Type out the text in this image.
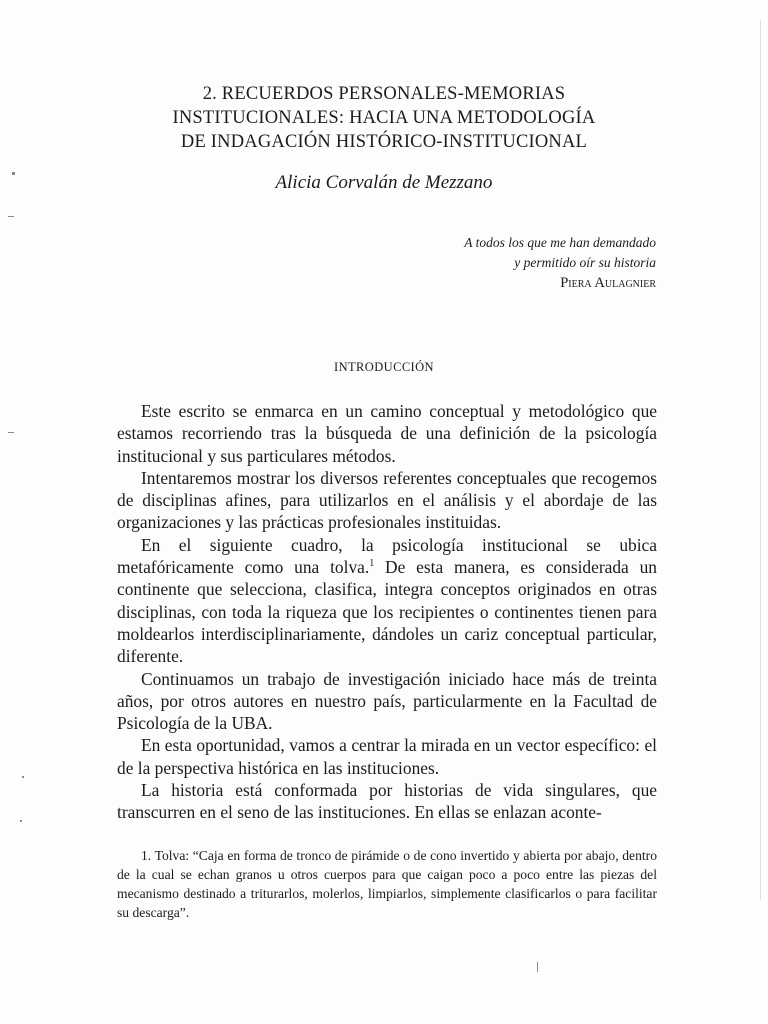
2. RECUERDOS PERSONALES-MEMORIAS
INSTITUCIONALES: HACIA UNA METODOLOGÍA
DE INDAGACIÓN HISTÓRICO-INSTITUCIONAL
Alicia Corvalán de Mezzano
A todos los que me han demandado
y permitido oír su historia
Piera Aulagnier
INTRODUCCIÓN

Este escrito se enmarca en un camino conceptual y metodológico que estamos recorriendo tras la búsqueda de una definición de la psicología institucional y sus particulares métodos.

Intentaremos mostrar los diversos referentes conceptuales que recogemos de disciplinas afines, para utilizarlos en el análisis y el abordaje de las organizaciones y las prácticas profesionales instituidas.

En el siguiente cuadro, la psicología institucional se ubica metafóricamente como una tolva.$^1$ De esta manera, es considerada un continente que selecciona, clasifica, integra conceptos originados en otras disciplinas, con toda la riqueza que los recipientes o continentes tienen para moldearlos interdisciplinariamente, dándoles un cariz conceptual particular, diferente.

Continuamos un trabajo de investigación iniciado hace más de treinta años, por otros autores en nuestro país, particularmente en la Facultad de Psicología de la UBA.

En esta oportunidad, vamos a centrar la mirada en un vector específico: el de la perspectiva histórica en las instituciones.

La historia está conformada por historias de vida singulares, que transcurren en el seno de las instituciones. En ellas se enlazan aconte-

1. Tolva: “Caja en forma de tronco de pirámide o de cono invertido y abierta por abajo, dentro de la cual se echan granos u otros cuerpos para que caigan poco a poco entre las piezas del mecanismo destinado a triturarlos, molerlos, limpiarlos, simplemente clasificarlos o para facilitar su descarga”.
